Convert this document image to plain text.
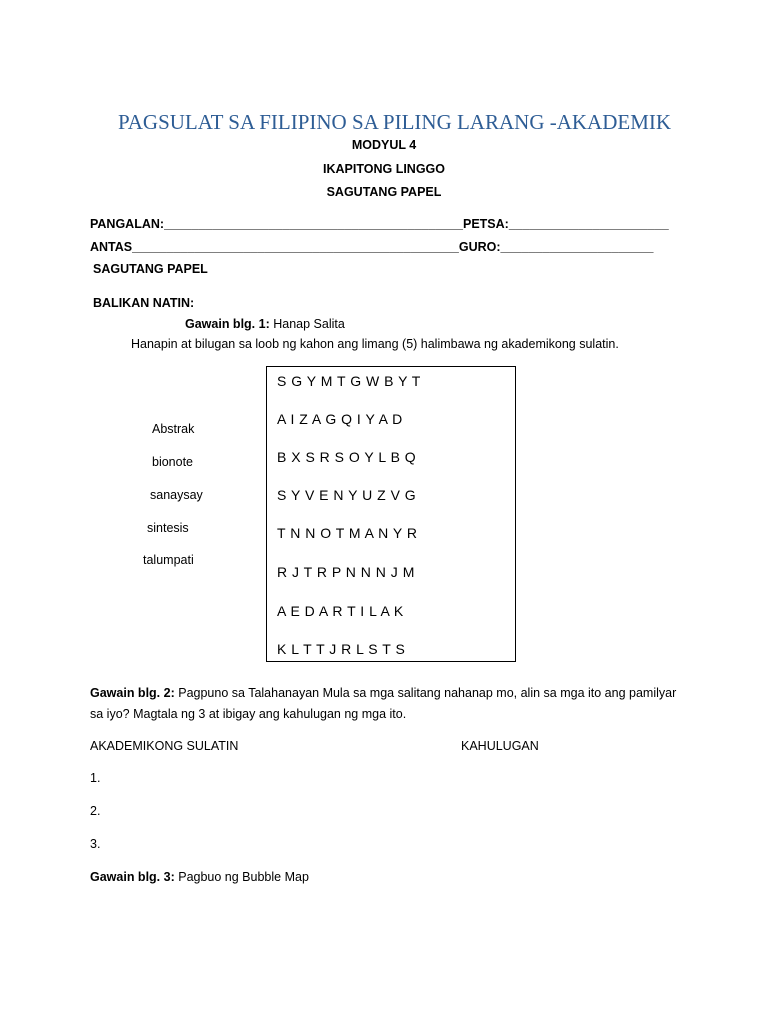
PAGSULAT SA FILIPINO SA PILING LARANG -AKADEMIK
MODYUL 4
IKAPITONG LINGGO
SAGUTANG PAPEL
PANGALAN:___________________________________________PETSA:_______________________
ANTAS_______________________________________________GURO:______________________
SAGUTANG PAPEL
BALIKAN NATIN:
Gawain blg. 1: Hanap Salita
Hanapin at bilugan sa loob ng kahon ang limang (5) halimbawa ng akademikong sulatin.
Abstrak
bionote
sanaysay
sintesis
talumpati
S G Y M T G W B Y T
A I Z A G Q I Y A D
B X S R S O Y L B Q
S Y V E N Y U Z V G
T N N O T M A N Y R
R J T R P N N N J M
A E D A R T I L A K
K L T T J R L S T S
Gawain blg. 2: Pagpuno sa Talahanayan Mula sa mga salitang nahanap mo, alin sa mga ito ang pamilyar
sa iyo? Magtala ng 3 at ibigay ang kahulugan ng mga ito.
AKADEMIKONG SULATIN	KAHULUGAN
1.
2.
3.
Gawain blg. 3: Pagbuo ng Bubble Map
